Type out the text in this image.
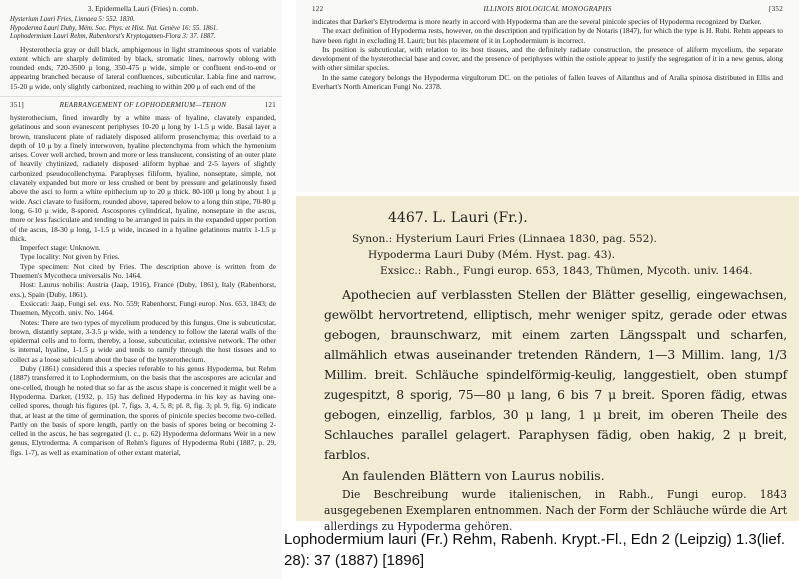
3. Epidermella Lauri (Fries) n. comb.
Hysterium Lauri Fries, Linnaea 5: 552. 1830.
Hypoderma Lauri Duby, Mém. Soc. Phys. et Hist. Nat. Genève 16: 55. 1861.
Lophodermium Lauri Rehm, Rabenhorst's Kryptogamen-Flora 3: 37. 1887.
Hysterothecia gray or dull black, amphigenous in light stramineous spots of variable extent which are sharply delimited by black, stromatic lines, narrowly oblong with rounded ends, 720-3500 μ long, 350-475 μ wide, simple or confluent end-to-end or appearing branched because of lateral confluences, subcuticular. Labia fine and narrow, 15-20 μ wide, only slightly carbonized, reaching to within 200 μ of each end of the
351]	REARRANGEMENT OF LOPHODERMIUM—TEHON	121
hysterothecium, fined inwardly by a white mass of hyaline, clavately expanded, gelatinous and soon evanescent periphyses 10-20 μ long by 1-1.5 μ wide. Basal layer a brown, translucent plate of radiately disposed aliform prosenchyma; this overlaid to a depth of 10 μ by a finely interwoven, hyaline plectenchyma from which the hymenium arises. Cover well arched, brown and more or less translucent, consisting of an outer plate of heavily chytinized, radiately disposed aliform hyphae and 2-5 layers of slightly carbonized pseudocollenchyma. Paraphyses filiform, hyaline, nonseptate, simple, not clavately expanded but more or less crushed or bent by pressure and gelatinously fused above the asci to form a white epithecium up to 20 μ thick. 80-100 μ long by about 1 μ wide. Asci clavate to fusiform, rounded above, tapered below to a long thin stipe, 70-80 μ long, 6-10 μ wide, 8-spored. Ascospores cylindrical, hyaline, nonseptate in the ascus, more or less fasciculate and tending to be arranged in pairs in the expanded upper portion of the ascus, 18-30 μ long, 1-1.5 μ wide, incased in a hyaline gelatinous matrix 1-1.5 μ thick.
Imperfect stage: Unknown.
Type locality: Not given by Fries.
Type specimen: Not cited by Fries. The description above is written from de Thuemen's Mycotheca universalis No. 1464.
Host: Laurus nobilis: Austria (Jaap, 1916), France (Duby, 1861), Italy (Rabenhorst, exs.), Spain (Duby, 1861).
Exsiccati: Jaap, Fungi sel. exs. No. 559; Rabenhorst, Fungi europ. Nos. 653, 1843; de Thuemen, Mycoth. univ. No. 1464.
Notes: There are two types of mycelium produced by this fungus. One is subcuticular, brown, distantly septate, 3-3.5 μ wide, with a tendency to follow the lateral walls of the epidermal cells and to form, thereby, a loose, subcuticular, extensive network. The other is internal, hyaline, 1-1.5 μ wide and tends to ramify through the host tissues and to collect as a loose subiculum about the base of the hysterothecium.
Duby (1861) considered this a species referable to his genus Hypoderma, but Rehm (1887) transferred it to Lophodermium, on the basis that the ascospores are acicular and one-celled, though he noted that so far as the ascus shape is concerned it might well be a Hypoderma. Darker, (1932, p. 15) has defined Hypoderma in his key as having one-celled spores, though his figures (pl. 7, figs. 3, 4, 5, 8; pl. 8, fig. 3; pl. 9, fig. 6) indicate that, at least at the time of germination, the spores of pinicole species become two-celled. Partly on the basis of spore length, partly on the basis of spores being or becoming 2-celled in the ascus, he has segregated (l. c., p. 62) Hypoderma deformans Weir in a new genus, Elytroderma. A comparison of Rehm's figures of Hypoderma Rubi (1887, p. 29, figs. 1-7), as well as examination of other extant material,
122	ILLINOIS BIOLOGICAL MONOGRAPHS	[352
indicates that Darker's Elytroderma is more nearly in accord with Hypoderma than are the several pinicole species of Hypoderma recognized by Darker.
The exact definition of Hypoderma rests, however, on the description and typification by de Notaris (1847), for which the type is H. Rubi. Rehm appears to have been right in excluding H. Lauri; but his placement of it in Lophodermium is incorrect.
Its position is subcuticular, with relation to its host tissues, and the definitely radiate construction, the presence of aliform mycelium, the separate development of the hysterothecial base and cover, and the presence of periphyses within the ostiole appear to justify the segregation of it in a new genus, along with other similar species.
In the same category belongs the Hypoderma virgultorum DC. on the petioles of fallen leaves of Ailanthus and of Aralia spinosa distributed in Ellis and Everhart's North American Fungi No. 2378.
4467. L. Lauri (Fr.).
Synon.: Hysterium Lauri Fries (Linnaea 1830, pag. 552).
Hypoderma Lauri Duby (Mém. Hyst. pag. 43).
Exsicc.: Rabh., Fungi europ. 653, 1843, Thümen, Mycoth. univ. 1464.
Apothecien auf verblassten Stellen der Blätter gesellig, eingewachsen, gewölbt hervortretend, elliptisch, mehr weniger spitz, gerade oder etwas gebogen, braunschwarz, mit einem zarten Längsspalt und scharfen, allmählich etwas auseinander tretenden Rändern, 1—3 Millim. lang, 1/3 Millim. breit. Schläuche spindelförmig-keulig, langgestielt, oben stumpf zugespitzt, 8 sporig, 75—80 μ lang, 6 bis 7 μ breit. Sporen fädig, etwas gebogen, einzellig, farblos, 30 μ lang, 1 μ breit, im oberen Theile des Schlauches parallel gelagert. Paraphysen fädig, oben hakig, 2 μ breit, farblos.
An faulenden Blättern von Laurus nobilis.
Die Beschreibung wurde italienischen, in Rabh., Fungi europ. 1843 ausgegebenen Exemplaren entnommen. Nach der Form der Schläuche würde die Art allerdings zu Hypoderma gehören.
Lophodermium lauri (Fr.) Rehm, Rabenh. Krypt.-Fl., Edn 2 (Leipzig) 1.3(lief. 28): 37 (1887) [1896]
